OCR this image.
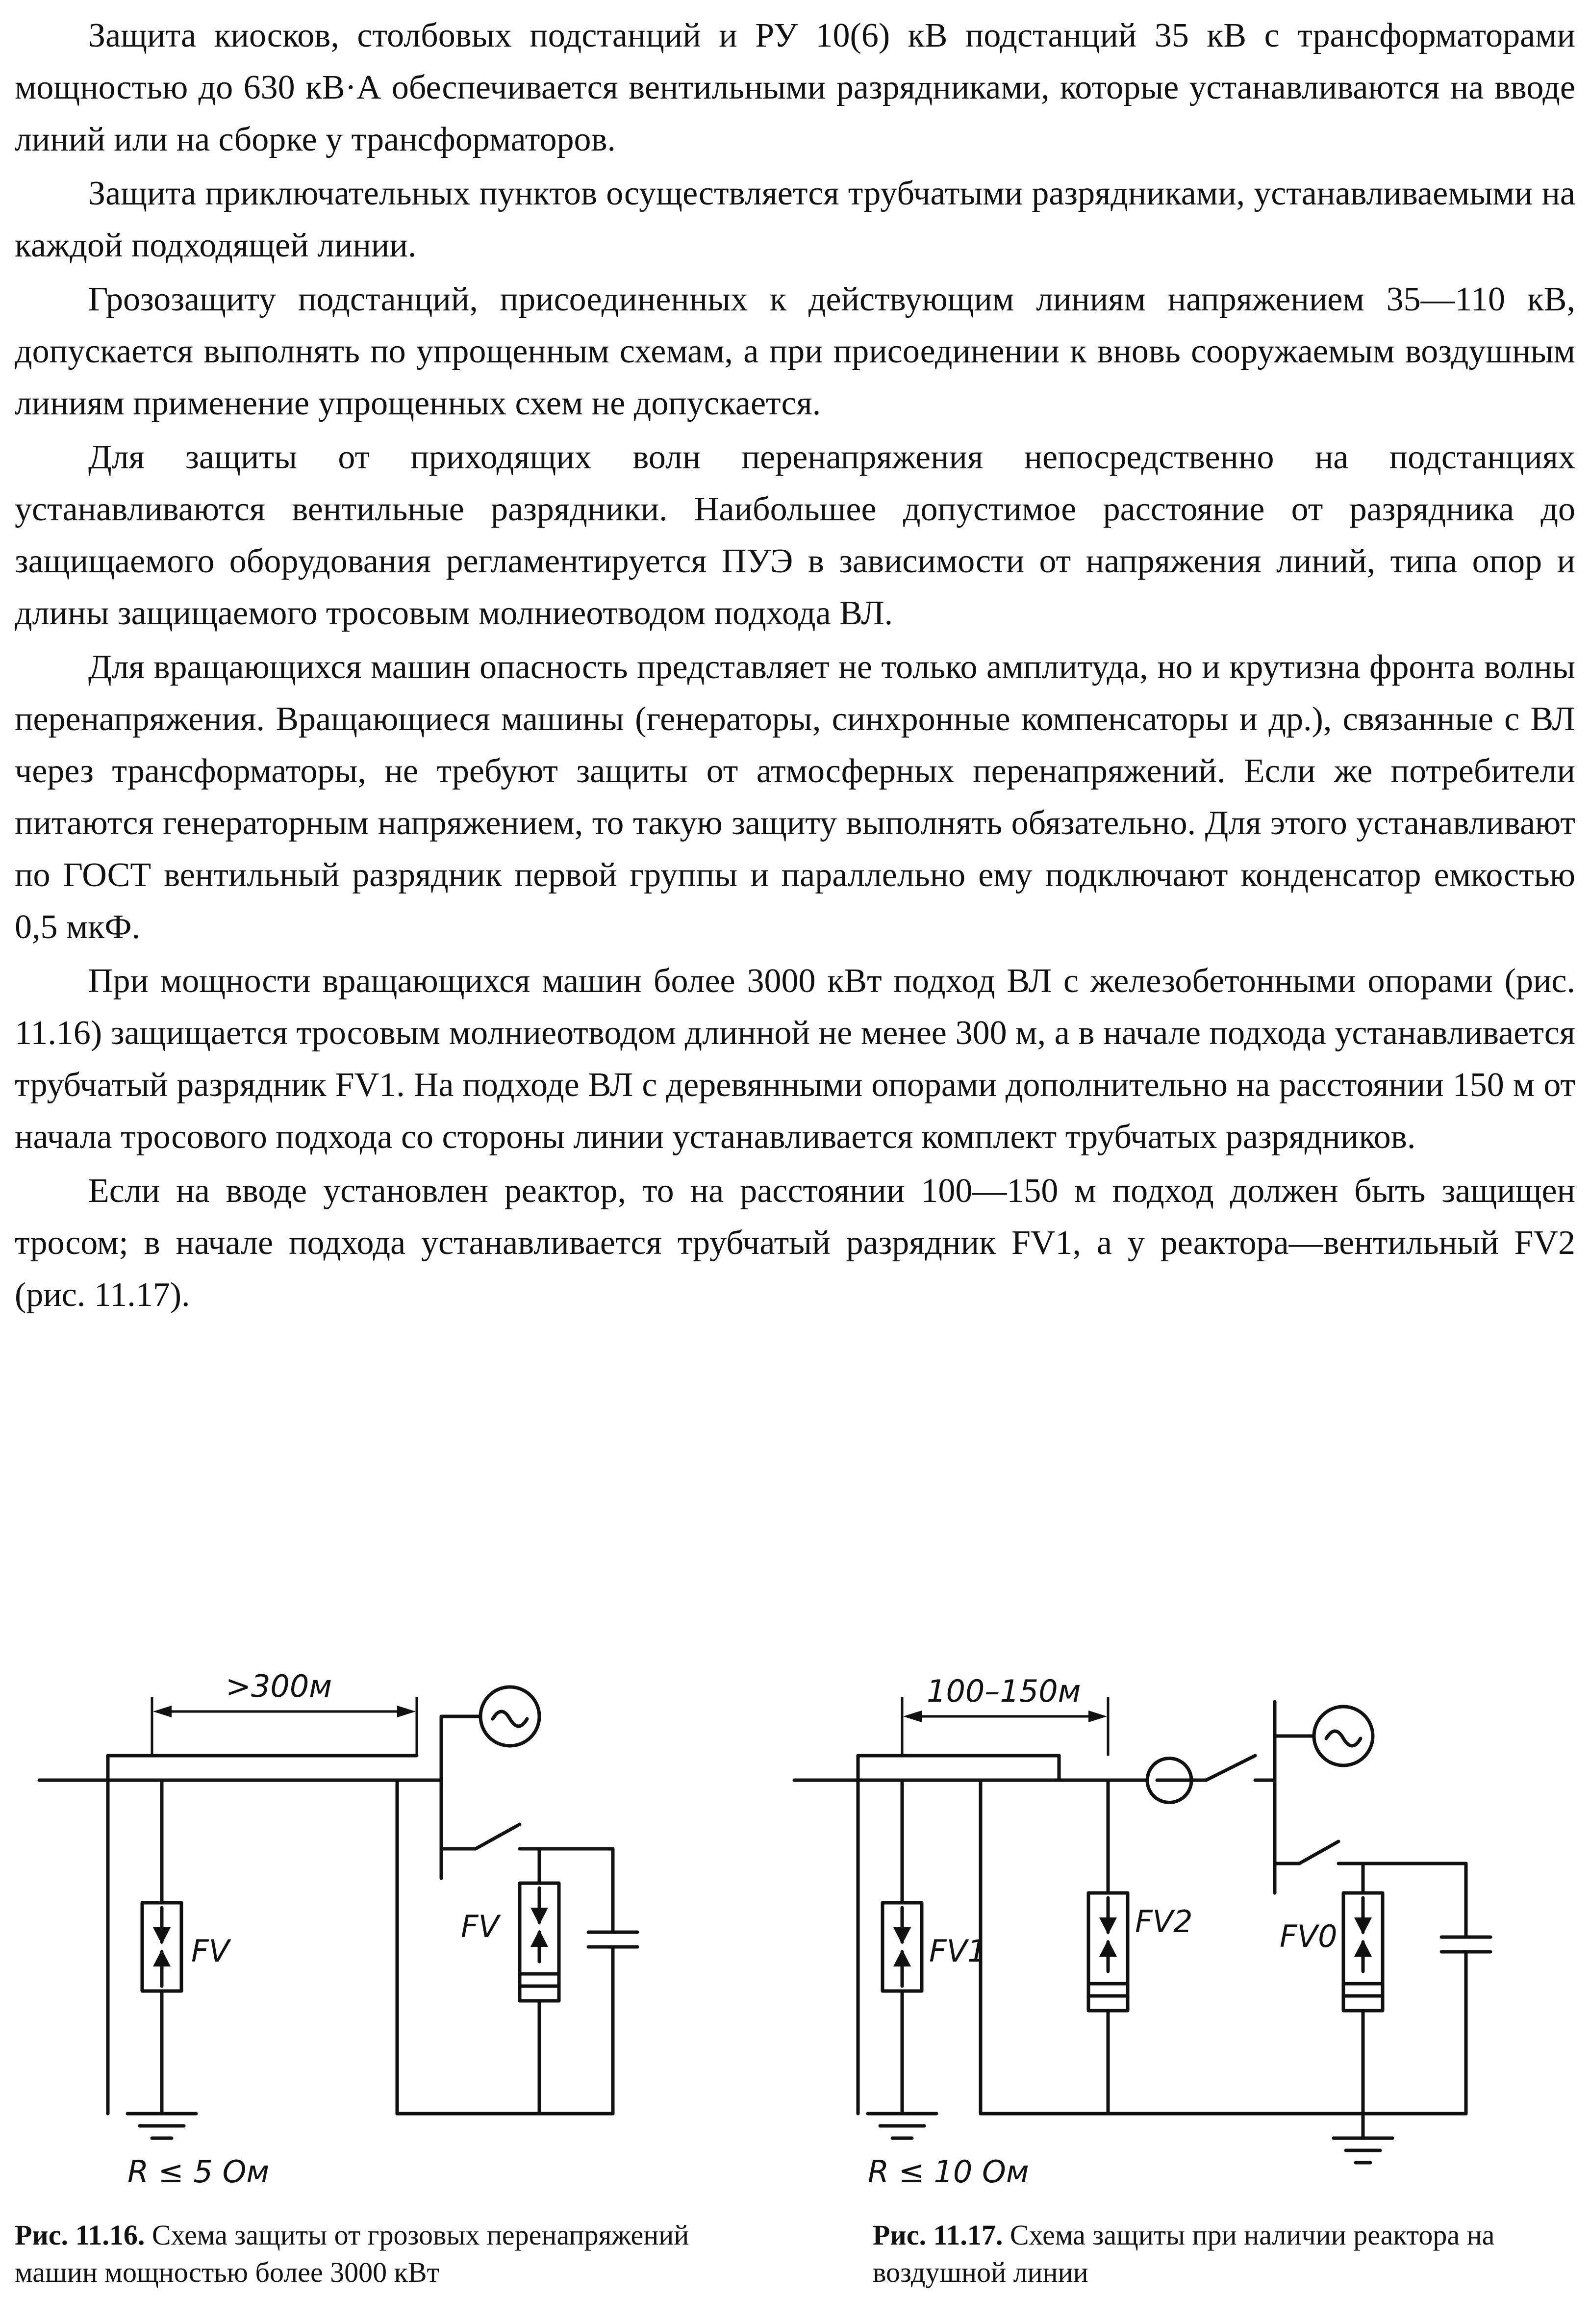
Защита киосков, столбовых подстанций и РУ 10(6) кВ подстанций 35 кВ с трансформаторами мощностью до 630 кВ·А обеспечивается вентильными разрядниками, которые устанавливаются на вводе линий или на сборке у трансформаторов.

Защита приключательных пунктов осуществляется трубчатыми разрядниками, устанавливаемыми на каждой подходящей линии.

Грозозащиту подстанций, присоединенных к действующим линиям напряжением 35—110 кВ, допускается выполнять по упрощенным схемам, а при присоединении к вновь сооружаемым воздушным линиям применение упрощенных схем не допускается.

Для защиты от приходящих волн перенапряжения непосредственно на подстанциях устанавливаются вентильные разрядники. Наибольшее допустимое расстояние от разрядника до защищаемого оборудования регламентируется ПУЭ в зависимости от напряжения линий, типа опор и длины защищаемого тросовым молниеотводом подхода ВЛ.

Для вращающихся машин опасность представляет не только амплитуда, но и крутизна фронта волны перенапряжения. Вращающиеся машины (генераторы, синхронные компенсаторы и др.), связанные с ВЛ через трансформаторы, не требуют защиты от атмосферных перенапряжений. Если же потребители питаются генераторным напряжением, то такую защиту выполнять обязательно. Для этого устанавливают по ГОСТ вентильный разрядник первой группы и параллельно ему подключают конденсатор емкостью 0,5 мкФ.

При мощности вращающихся машин более 3000 кВт подход ВЛ с железобетонными опорами (рис. 11.16) защищается тросовым молниеотводом длинной не менее 300 м, а в начале подхода устанавливается трубчатый разрядник FV1. На подходе ВЛ с деревянными опорами дополнительно на расстоянии 150 м от начала тросового подхода со стороны линии устанавливается комплект трубчатых разрядников.

Если на вводе установлен реактор, то на расстоянии 100—150 м подход должен быть защищен тросом; в начале подхода устанавливается трубчатый разрядник FV1, а у реактора—вентильный FV2 (рис. 11.17).

>300м
FV
R ≤ 5 Ом
FV
100–150м
FV1
R ≤ 10 Ом
FV2	FV0
Рис. 11.16. Схема защиты от грозовых перенапряжений машин мощностью более 3000 кВт
Рис. 11.17. Схема защиты при наличии реактора на воздушной линии
